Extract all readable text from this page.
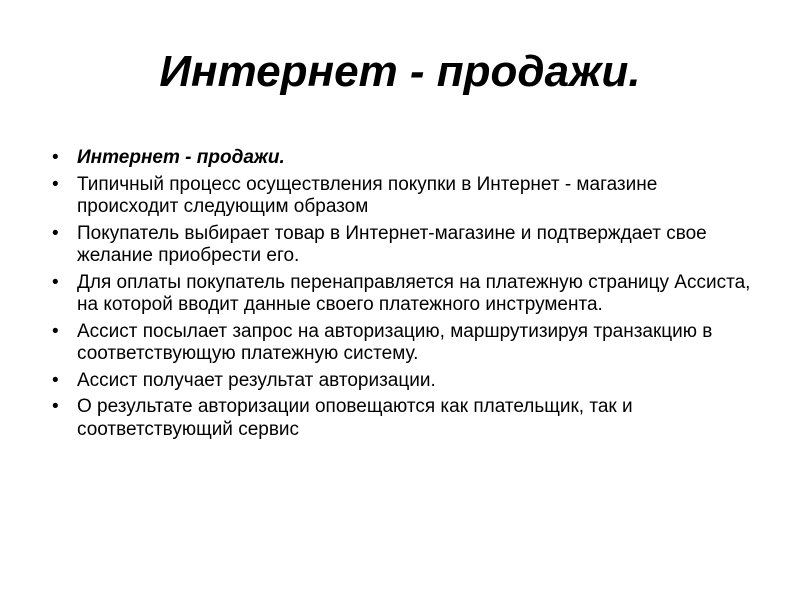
Интернет - продажи.
• Интернет - продажи.
• Типичный процесс осуществления покупки в Интернет - магазине происходит следующим образом
• Покупатель выбирает товар в Интернет-магазине и подтверждает свое желание приобрести его.
• Для оплаты покупатель перенаправляется на платежную страницу Ассиста, на которой вводит данные своего платежного инструмента.
• Ассист посылает запрос на авторизацию, маршрутизируя транзакцию в соответствующую платежную систему.
• Ассист получает результат авторизации.
• О результате авторизации оповещаются как плательщик, так и соответствующий сервис
